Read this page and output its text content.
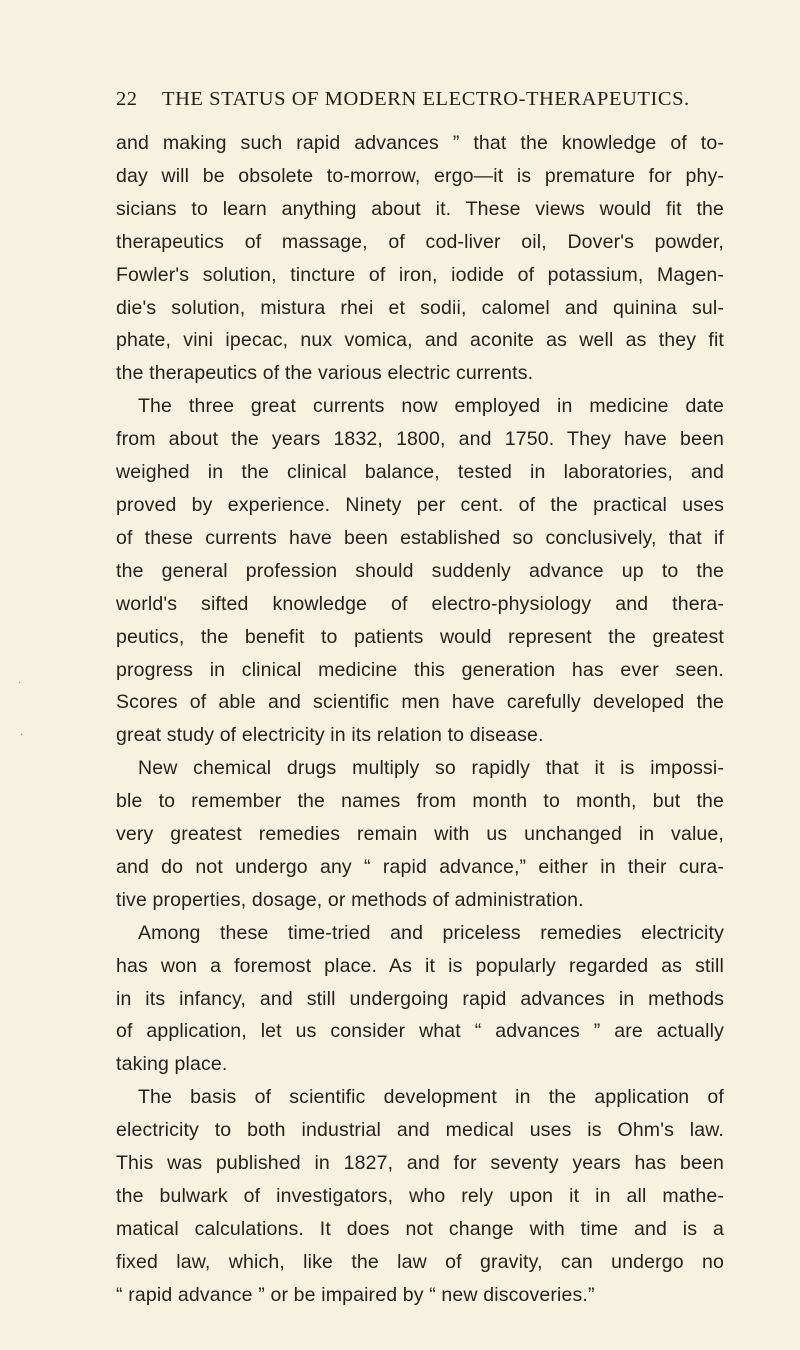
22 THE STATUS OF MODERN ELECTRO-THERAPEUTICS.
and making such rapid advances ” that the knowledge of to-
day will be obsolete to-morrow, ergo—it is premature for phy-
sicians to learn anything about it. These views would fit the
therapeutics of massage, of cod-liver oil, Dover's powder,
Fowler's solution, tincture of iron, iodide of potassium, Magen-
die's solution, mistura rhei et sodii, calomel and quinina sul-
phate, vini ipecac, nux vomica, and aconite as well as they fit
the therapeutics of the various electric currents.
The three great currents now employed in medicine date
from about the years 1832, 1800, and 1750. They have been
weighed in the clinical balance, tested in laboratories, and
proved by experience. Ninety per cent. of the practical uses
of these currents have been established so conclusively, that if
the general profession should suddenly advance up to the
world's sifted knowledge of electro-physiology and thera-
peutics, the benefit to patients would represent the greatest
progress in clinical medicine this generation has ever seen.
Scores of able and scientific men have carefully developed the
great study of electricity in its relation to disease.
New chemical drugs multiply so rapidly that it is impossi-
ble to remember the names from month to month, but the
very greatest remedies remain with us unchanged in value,
and do not undergo any “ rapid advance,” either in their cura-
tive properties, dosage, or methods of administration.
Among these time-tried and priceless remedies electricity
has won a foremost place. As it is popularly regarded as still
in its infancy, and still undergoing rapid advances in methods
of application, let us consider what “ advances ” are actually
taking place.
The basis of scientific development in the application of
electricity to both industrial and medical uses is Ohm's law.
This was published in 1827, and for seventy years has been
the bulwark of investigators, who rely upon it in all mathe-
matical calculations. It does not change with time and is a
fixed law, which, like the law of gravity, can undergo no
“ rapid advance ” or be impaired by “ new discoveries.”
·
·
